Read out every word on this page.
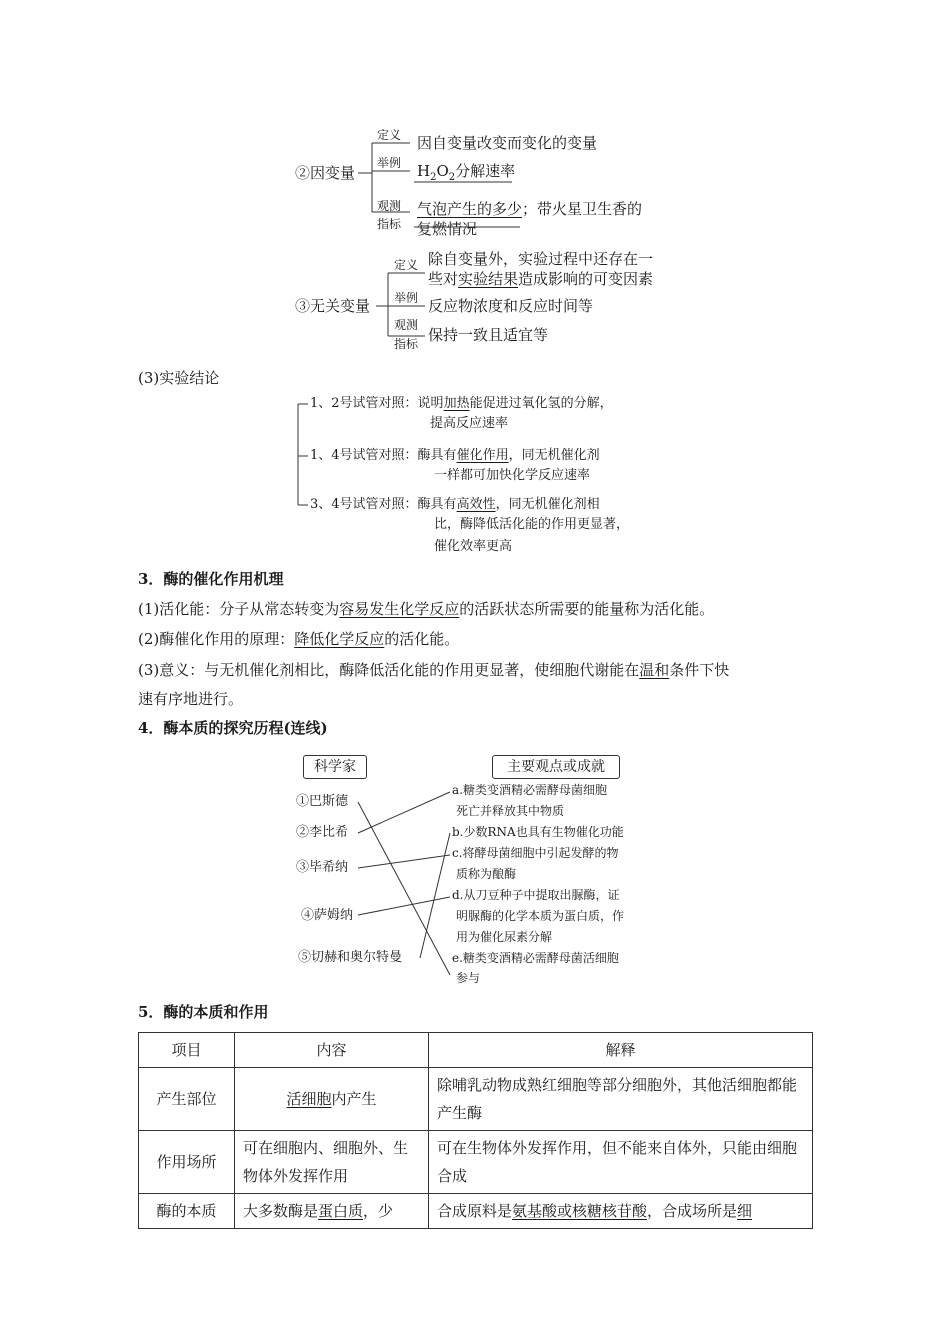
②因变量
定义 因自变量改变而变化的变量
举例 $H_2O_2$分解速率
观测
指标
气泡产生的多少；带火星卫生香的
复燃情况
③无关变量
定义 除自变量外，实验过程中还存在一
些对实验结果造成影响的可变因素
举例 反应物浓度和反应时间等
观测
指标 保持一致且适宜等
(3)实验结论
1、2号试管对照：说明加热能促进过氧化氢的分解，
提高反应速率
1、4号试管对照：酶具有催化作用，同无机催化剂
一样都可加快化学反应速率
3、4号试管对照：酶具有高效性，同无机催化剂相
比，酶降低活化能的作用更显著，
催化效率更高
3．酶的催化作用机理
(1)活化能：分子从常态转变为容易发生化学反应的活跃状态所需要的能量称为活化能。
(2)酶催化作用的原理：降低化学反应的活化能。
(3)意义：与无机催化剂相比，酶降低活化能的作用更显著，使细胞代谢能在温和条件下快
速有序地进行。
4．酶本质的探究历程(连线)
科学家	主要观点或成就
①巴斯德
②李比希
③毕希纳
④萨姆纳
⑤切赫和奥尔特曼
a.糖类变酒精必需酵母菌细胞
死亡并释放其中物质
b.少数RNA也具有生物催化功能
c.将酵母菌细胞中引起发酵的物
质称为酿酶
d.从刀豆种子中提取出脲酶，证
明脲酶的化学本质为蛋白质，作
用为催化尿素分解
e.糖类变酒精必需酵母菌活细胞
参与
5．酶的本质和作用
项目	内容	解释
产生部位	活细胞内产生	除哺乳动物成熟红细胞等部分细胞外，其他活细胞都能产生酶
作用场所	可在细胞内、细胞外、生物体外发挥作用	可在生物体外发挥作用，但不能来自体外，只能由细胞合成
酶的本质	大多数酶是蛋白质，少	合成原料是氨基酸或核糖核苷酸，合成场所是细
